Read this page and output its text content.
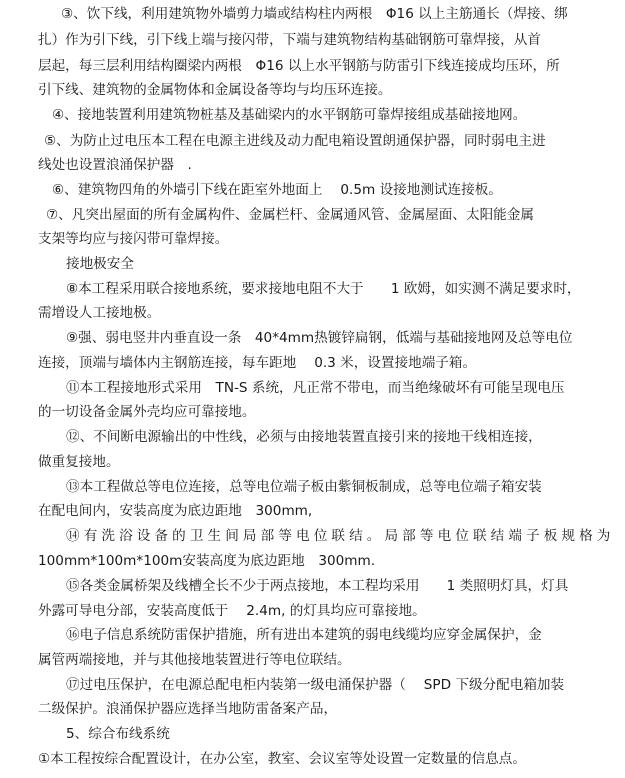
③、饮下线，利用建筑物外墙剪力墙或结构柱内两根　Φ16 以上主筋通长（焊接、绑
扎）作为引下线，引下线上端与接闪带，下端与建筑物结构基础钢筋可靠焊接，从首
层起，每三层利用结构圈梁内两根　Φ16 以上水平钢筋与防雷引下线连接成均压环，所
引下线、建筑物的金属物体和金属设备等均与均压环连接。
④、接地装置利用建筑物桩基及基础梁内的水平钢筋可靠焊接组成基础接地网。
⑤、为防止过电压本工程在电源主进线及动力配电箱设置朗通保护器，同时弱电主进
线处也设置浪涌保护器　.
⑥、建筑物四角的外墙引下线在距室外地面上　 0.5m 设接地测试连接板。
⑦、凡突出屋面的所有金属构件、金属栏杆、金属通风管、金属屋面、太阳能金属
支架等均应与接闪带可靠焊接。
接地极安全
⑧本工程采用联合接地系统，要求接地电阻不大于　　1 欧姆，如实测不满足要求时，
需增设人工接地极。
⑨强、弱电竖井内垂直设一条　40*4mm热镀锌扁钢，低端与基础接地网及总等电位
连接，顶端与墙体内主钢筋连接，每车距地　 0.3 米，设置接地端子箱。
⑪本工程接地形式采用　TN-S 系统，凡正常不带电，而当绝缘破坏有可能呈现电压
的一切设备金属外壳均应可靠接地。
⑫、不间断电源输出的中性线，必须与由接地装置直接引来的接地干线相连接，
做重复接地。
⑬本工程做总等电位连接，总等电位端子板由紫铜板制成，总等电位端子箱安装
在配电间内，安装高度为底边距地　300mm,
⑭有洗浴设备的卫生间局部等电位联结。局部等电位联结端子板规格为
100mm*100m*100m安装高度为底边距地　300mm.
⑮各类金属桥架及线槽全长不少于两点接地，本工程均采用　　1 类照明灯具，灯具
外露可导电分部，安装高度低于　 2.4m, 的灯具均应可靠接地。
⑯电子信息系统防雷保护措施，所有进出本建筑的弱电线缆均应穿金属保护，金
属管两端接地，并与其他接地装置进行等电位联结。
⑰过电压保护，在电源总配电柜内装第一级电涌保护器（　 SPD 下级分配电箱加装
二级保护。浪涌保护器应选择当地防雷备案产品，
5、综合布线系统
①本工程按综合配置设计，在办公室，教室、会议室等处设置一定数量的信息点。
